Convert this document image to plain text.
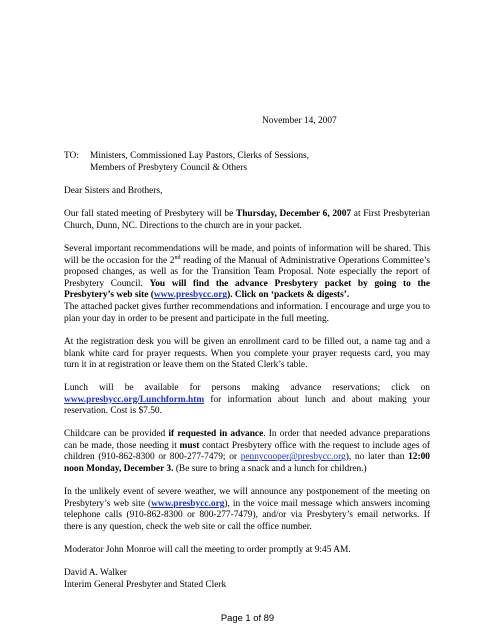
November 14, 2007
TO: Ministers, Commissioned Lay Pastors, Clerks of Sessions,
Members of Presbytery Council & Others
Dear Sisters and Brothers,
Our fall stated meeting of Presbytery will be Thursday, December 6, 2007 at First Presbyterian Church, Dunn, NC. Directions to the church are in your packet.
Several important recommendations will be made, and points of information will be shared. This will be the occasion for the 2nd reading of the Manual of Administrative Operations Committee’s proposed changes, as well as for the Transition Team Proposal. Note especially the report of Presbytery Council. You will find the advance Presbytery packet by going to the Presbytery’s web site (www.presbycc.org). Click on ‘packets & digests’.
The attached packet gives further recommendations and information. I encourage and urge you to plan your day in order to be present and participate in the full meeting.
At the registration desk you will be given an enrollment card to be filled out, a name tag and a blank white card for prayer requests. When you complete your prayer requests card, you may turn it in at registration or leave them on the Stated Clerk’s table.
Lunch will be available for persons making advance reservations; click on www.presbycc.org/Lunchform.htm for information about lunch and about making your reservation. Cost is $7.50.
Childcare can be provided if requested in advance. In order that needed advance preparations can be made, those needing it must contact Presbytery office with the request to include ages of children (910-862-8300 or 800-277-7479; or pennycooper@presbycc.org), no later than 12:00 noon Monday, December 3. (Be sure to bring a snack and a lunch for children.)
In the unlikely event of severe weather, we will announce any postponement of the meeting on Presbytery’s web site (www.presbycc.org), in the voice mail message which answers incoming telephone calls (910-862-8300 or 800-277-7479), and/or via Presbytery’s email networks. If there is any question, check the web site or call the office number.
Moderator John Monroe will call the meeting to order promptly at 9:45 AM.
David A. Walker
Interim General Presbyter and Stated Clerk
Page 1 of 89
